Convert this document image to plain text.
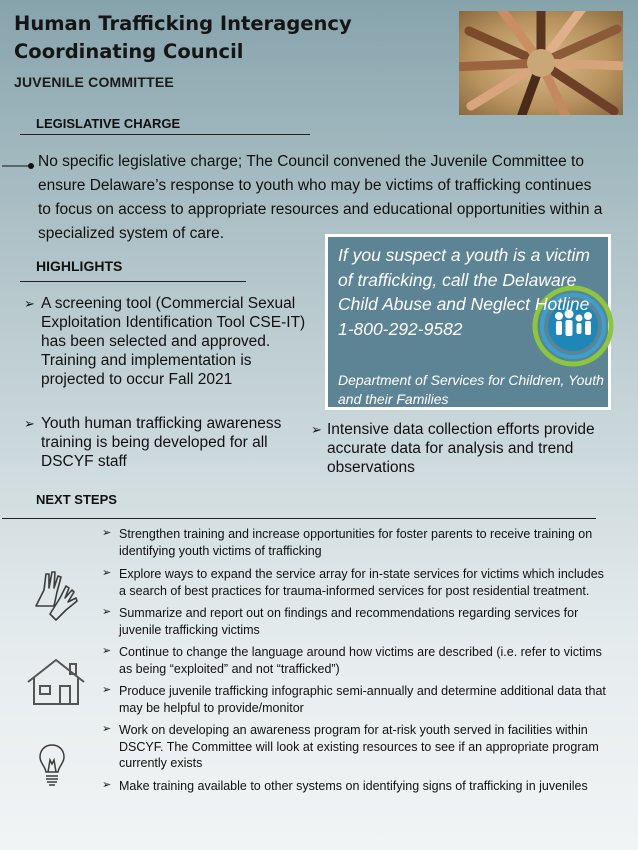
Human Trafficking Interagency Coordinating Council
JUVENILE COMMITTEE
LEGISLATIVE CHARGE
No specific legislative charge; The Council convened the Juvenile Committee to ensure Delaware’s response to youth who may be victims of trafficking continues to focus on access to appropriate resources and educational opportunities within a specialized system of care.
HIGHLIGHTS
➢ A screening tool (Commercial Sexual Exploitation Identification Tool CSE-IT) has been selected and approved. Training and implementation is projected to occur Fall 2021
➢ Youth human trafficking awareness training is being developed for all DSCYF staff
➢ Intensive data collection efforts provide accurate data for analysis and trend observations
If you suspect a youth is a victim of trafficking, call the Delaware Child Abuse and Neglect Hotline 1-800-292-9582
Department of Services for Children, Youth and their Families
NEXT STEPS
➢ Strengthen training and increase opportunities for foster parents to receive training on identifying youth victims of trafficking
➢ Explore ways to expand the service array for in-state services for victims which includes a search of best practices for trauma-informed services for post residential treatment.
➢ Summarize and report out on findings and recommendations regarding services for juvenile trafficking victims
➢ Continue to change the language around how victims are described (i.e. refer to victims as being “exploited” and not “trafficked”)
➢ Produce juvenile trafficking infographic semi-annually and determine additional data that may be helpful to provide/monitor
➢ Work on developing an awareness program for at-risk youth served in facilities within DSCYF. The Committee will look at existing resources to see if an appropriate program currently exists
➢ Make training available to other systems on identifying signs of trafficking in juveniles
